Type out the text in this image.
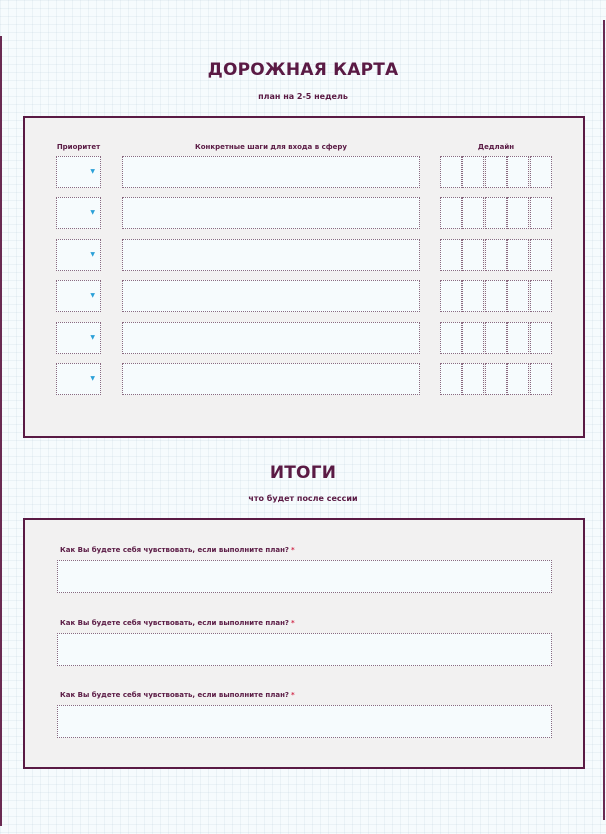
ДОРОЖНАЯ КАРТА
план на 2-5 недель
Приоритет	Конкретные шаги для входа в сферу	Дедлайн
▼
▼
▼
▼
▼
▼
ИТОГИ
что будет после сессии
Как Вы будете себя чувствовать, если выполните план? *
Как Вы будете себя чувствовать, если выполните план? *
Как Вы будете себя чувствовать, если выполните план? *
